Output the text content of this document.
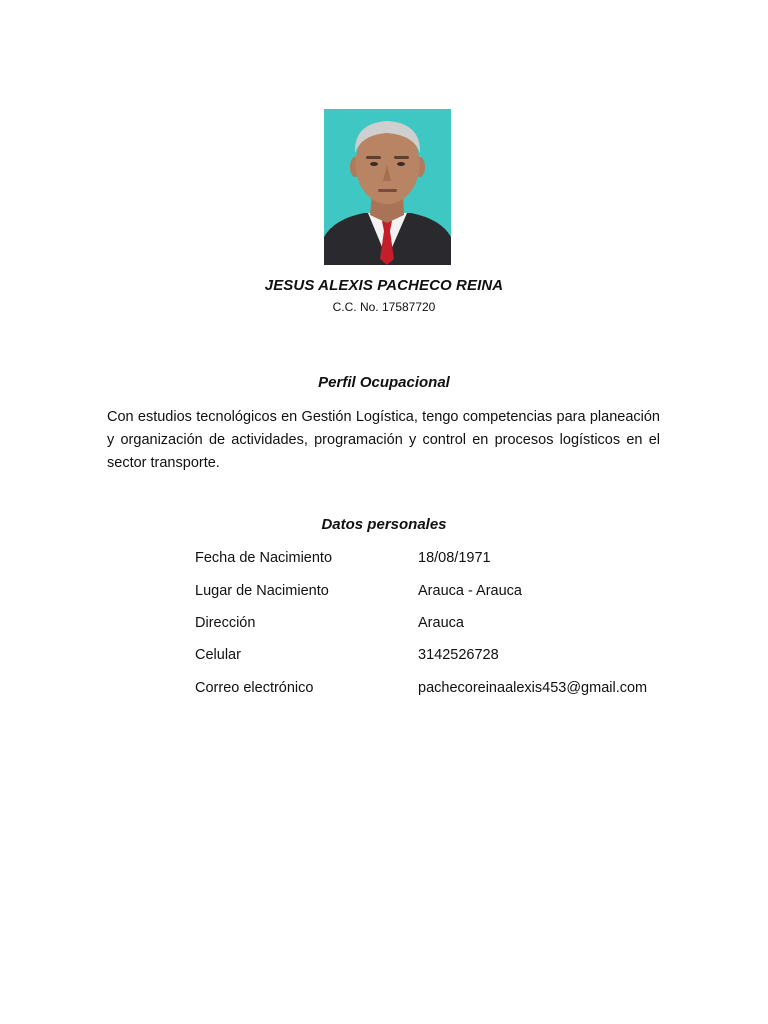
JESUS ALEXIS PACHECO REINA
C.C. No. 17587720
Perfil Ocupacional

Con estudios tecnológicos en Gestión Logística, tengo competencias para planeación y organización de actividades, programación y control en procesos logísticos en el sector transporte.

Datos personales
Fecha de Nacimiento	18/08/1971
Lugar de Nacimiento	Arauca - Arauca
Dirección	Arauca
Celular	3142526728
Correo electrónico	pachecoreinaalexis453@gmail.com
